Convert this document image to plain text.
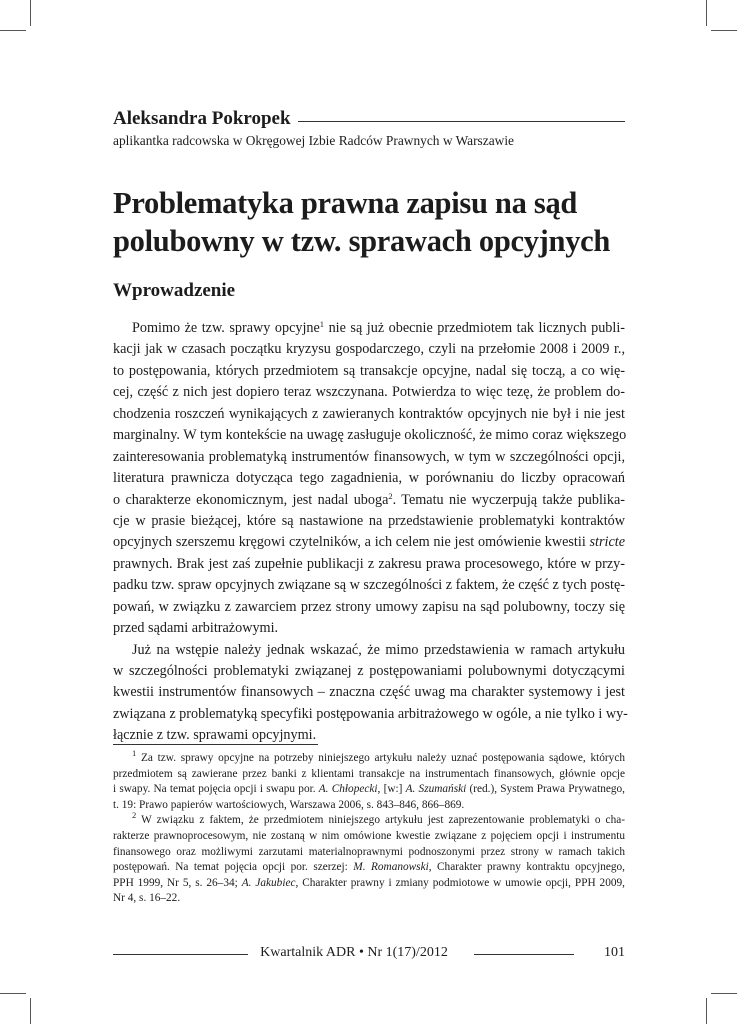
Aleksandra Pokropek
aplikantka radcowska w Okręgowej Izbie Radców Prawnych w Warszawie
Problematyka prawna zapisu na sąd
polubowny w tzw. sprawach opcyjnych
Wprowadzenie
Pomimo że tzw. sprawy opcyjne$^1$ nie są już obecnie przedmiotem tak licznych publi-
kacji jak w czasach początku kryzysu gospodarczego, czyli na przełomie 2008 i 2009 r.,
to postępowania, których przedmiotem są transakcje opcyjne, nadal się toczą, a co wię-
cej, część z nich jest dopiero teraz wszczynana. Potwierdza to więc tezę, że problem do-
chodzenia roszczeń wynikających z zawieranych kontraktów opcyjnych nie był i nie jest
marginalny. W tym kontekście na uwagę zasługuje okoliczność, że mimo coraz większego
zainteresowania problematyką instrumentów finansowych, w tym w szczególności opcji,
literatura prawnicza dotycząca tego zagadnienia, w porównaniu do liczby opracowań
o charakterze ekonomicznym, jest nadal uboga$^2$. Tematu nie wyczerpują także publika-
cje w prasie bieżącej, które są nastawione na przedstawienie problematyki kontraktów
opcyjnych szerszemu kręgowi czytelników, a ich celem nie jest omówienie kwestii stricte
prawnych. Brak jest zaś zupełnie publikacji z zakresu prawa procesowego, które w przy-
padku tzw. spraw opcyjnych związane są w szczególności z faktem, że część z tych postę-
powań, w związku z zawarciem przez strony umowy zapisu na sąd polubowny, toczy się
przed sądami arbitrażowymi.
Już na wstępie należy jednak wskazać, że mimo przedstawienia w ramach artykułu
w szczególności problematyki związanej z postępowaniami polubownymi dotyczącymi
kwestii instrumentów finansowych – znaczna część uwag ma charakter systemowy i jest
związana z problematyką specyfiki postępowania arbitrażowego w ogóle, a nie tylko i wy-
łącznie z tzw. sprawami opcyjnymi.
$^1$ Za tzw. sprawy opcyjne na potrzeby niniejszego artykułu należy uznać postępowania sądowe, których
przedmiotem są zawierane przez banki z klientami transakcje na instrumentach finansowych, głównie opcje
i swapy. Na temat pojęcia opcji i swapu por. A. Chłopecki, [w:] A. Szumański (red.), System Prawa Prywatnego,
t. 19: Prawo papierów wartościowych, Warszawa 2006, s. 843–846, 866–869.
$^2$ W związku z faktem, że przedmiotem niniejszego artykułu jest zaprezentowanie problematyki o cha-
rakterze prawnoprocesowym, nie zostaną w nim omówione kwestie związane z pojęciem opcji i instrumentu
finansowego oraz możliwymi zarzutami materialnoprawnymi podnoszonymi przez strony w ramach takich
postępowań. Na temat pojęcia opcji por. szerzej: M. Romanowski, Charakter prawny kontraktu opcyjnego,
PPH 1999, Nr 5, s. 26–34; A. Jakubiec, Charakter prawny i zmiany podmiotowe w umowie opcji, PPH 2009,
Nr 4, s. 16–22.
Kwartalnik ADR • Nr 1(17)/2012	101
